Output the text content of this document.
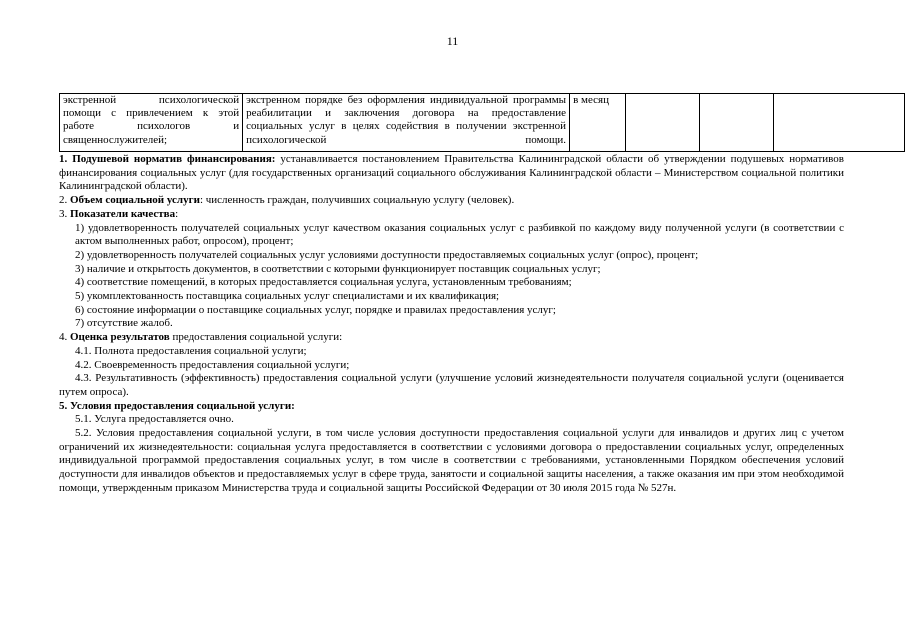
11
экстренной психологической помощи с привлечением к этой работе психологов и священнослужителей;	экстренном порядке без оформления индивидуальной программы реабилитации и заключения договора на предоставление социальных услуг в целях содействия в получении экстренной психологической помощи.	в месяц			

1. Подушевой норматив финансирования: устанавливается постановлением Правительства Калининградской области об утверждении подушевых нормативов финансирования социальных услуг (для государственных организаций социального обслуживания Калининградской области – Министерством социальной политики Калининградской области).

2. Объем социальной услуги: численность граждан, получивших социальную услугу (человек).

3. Показатели качества:

1) удовлетворенность получателей социальных услуг качеством оказания социальных услуг с разбивкой по каждому виду полученной услуги (в соответствии с актом выполненных работ, опросом), процент;

2) удовлетворенность получателей социальных услуг условиями доступности предоставляемых социальных услуг (опрос), процент;

3) наличие и открытость документов, в соответствии с которыми функционирует поставщик социальных услуг;

4) соответствие помещений, в которых предоставляется социальная услуга, установленным требованиям;

5) укомплектованность поставщика социальных услуг специалистами и их квалификация;

6) состояние информации о поставщике социальных услуг, порядке и правилах предоставления услуг;

7) отсутствие жалоб.

4. Оценка результатов предоставления социальной услуги:

4.1. Полнота предоставления социальной услуги;

4.2. Своевременность предоставления социальной услуги;

4.3. Результативность (эффективность) предоставления социальной услуги (улучшение условий жизнедеятельности получателя социальной услуги (оценивается путем опроса).

5. Условия предоставления социальной услуги:

5.1. Услуга предоставляется очно.

5.2. Условия предоставления социальной услуги, в том числе условия доступности предоставления социальной услуги для инвалидов и других лиц с учетом ограничений их жизнедеятельности: социальная услуга предоставляется в соответствии с условиями договора о предоставлении социальных услуг, определенных индивидуальной программой предоставления социальных услуг, в том числе в соответствии с требованиями, установленными Порядком обеспечения условий доступности для инвалидов объектов и предоставляемых услуг в сфере труда, занятости и социальной защиты населения, а также оказания им при этом необходимой помощи, утвержденным приказом Министерства труда и социальной защиты Российской Федерации от 30 июля 2015 года № 527н.
